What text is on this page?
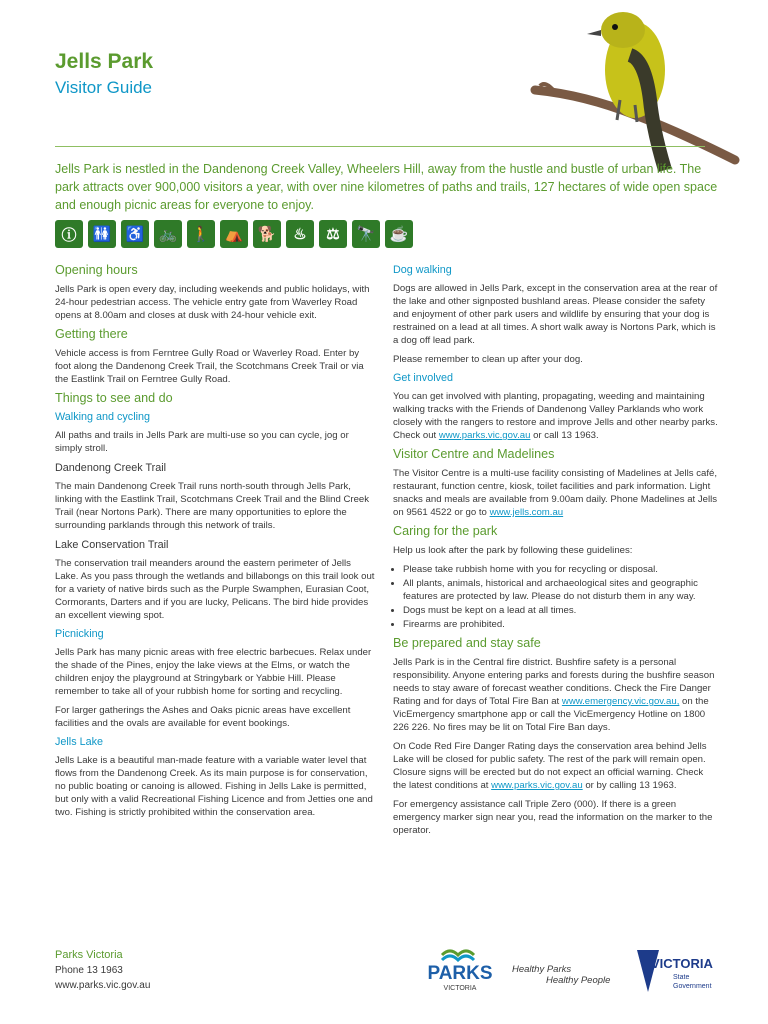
Jells Park
Visitor Guide
Jells Park is nestled in the Dandenong Creek Valley, Wheelers Hill, away from the hustle and bustle of urban life. The park attracts over 900,000 visitors a year, with over nine kilometres of paths and trails, 127 hectares of wide open space and enough picnic areas for everyone to enjoy.
ⓘ	🚻 ♿ 🚲 🚶 ⛺ 🐕	♨	⚖	🔭 ☕
Opening hours

Jells Park is open every day, including weekends and public holidays, with 24-hour pedestrian access. The vehicle entry gate from Waverley Road opens at 8.00am and closes at dusk with 24-hour vehicle exit.

Getting there

Vehicle access is from Ferntree Gully Road or Waverley Road. Enter by foot along the Dandenong Creek Trail, the Scotchmans Creek Trail or via the Eastlink Trail on Ferntree Gully Road.

Things to see and do
Walking and cycling

All paths and trails in Jells Park are multi-use so you can cycle, jog or simply stroll.

Dandenong Creek Trail

The main Dandenong Creek Trail runs north-south through Jells Park, linking with the Eastlink Trail, Scotchmans Creek Trail and the Blind Creek Trail (near Nortons Park). There are many opportunities to eplore the surrounding parklands through this network of trails.

Lake Conservation Trail

The conservation trail meanders around the eastern perimeter of Jells Lake. As you pass through the wetlands and billabongs on this trail look out for a variety of native birds such as the Purple Swamphen, Eurasian Coot, Cormorants, Darters and if you are lucky, Pelicans. The bird hide provides an excellent viewing spot.

Picnicking

Jells Park has many picnic areas with free electric barbecues. Relax under the shade of the Pines, enjoy the lake views at the Elms, or watch the children enjoy the playground at Stringybark or Yabbie Hill. Please remember to take all of your rubbish home for sorting and recycling.

For larger gatherings the Ashes and Oaks picnic areas have excellent facilities and the ovals are available for event bookings.

Jells Lake

Jells Lake is a beautiful man-made feature with a variable water level that flows from the Dandenong Creek. As its main purpose is for conservation, no public boating or canoing is allowed. Fishing in Jells Lake is permitted, but only with a valid Recreational Fishing Licence and from Jetties one and two. Fishing is strictly prohibited within the conservation area.

Dog walking

Dogs are allowed in Jells Park, except in the conservation area at the rear of the lake and other signposted bushland areas. Please consider the safety and enjoyment of other park users and wildlife by ensuring that your dog is restrained on a lead at all times. A short walk away is Nortons Park, which is a dog off lead park.

Please remember to clean up after your dog.

Get involved

You can get involved with planting, propagating, weeding and maintaining walking tracks with the Friends of Dandenong Valley Parklands who work closely with the rangers to restore and improve Jells and other nearby parks. Check out www.parks.vic.gov.au or call 13 1963.

Visitor Centre and Madelines

The Visitor Centre is a multi-use facility consisting of Madelines at Jells café, restaurant, function centre, kiosk, toilet facilities and park information. Light snacks and meals are available from 9.00am daily. Phone Madelines at Jells on 9561 4522 or go to www.jells.com.au

Caring for the park

Help us look after the park by following these guidelines:

• Please take rubbish home with you for recycling or disposal.
• All plants, animals, historical and archaeological sites and geographic features are protected by law. Please do not disturb them in any way.
• Dogs must be kept on a lead at all times.
• Firearms are prohibited.
Be prepared and stay safe

Jells Park is in the Central fire district. Bushfire safety is a personal responsibility. Anyone entering parks and forests during the bushfire season needs to stay aware of forecast weather conditions. Check the Fire Danger Rating and for days of Total Fire Ban at www.emergency.vic.gov.au, on the VicEmergency smartphone app or call the VicEmergency Hotline on 1800 226 226. No fires may be lit on Total Fire Ban days.

On Code Red Fire Danger Rating days the conservation area behind Jells Lake will be closed for public safety. The rest of the park will remain open. Closure signs will be erected but do not expect an official warning. Check the latest conditions at www.parks.vic.gov.au or by calling 13 1963.

For emergency assistance call Triple Zero (000). If there is a green emergency marker sign near you, read the information on the marker to the operator.

Parks Victoria
Phone 13 1963
www.parks.vic.gov.au
PARKS
VICTORIA
Healthy Parks
Healthy People
VICTORIA
State
Government
